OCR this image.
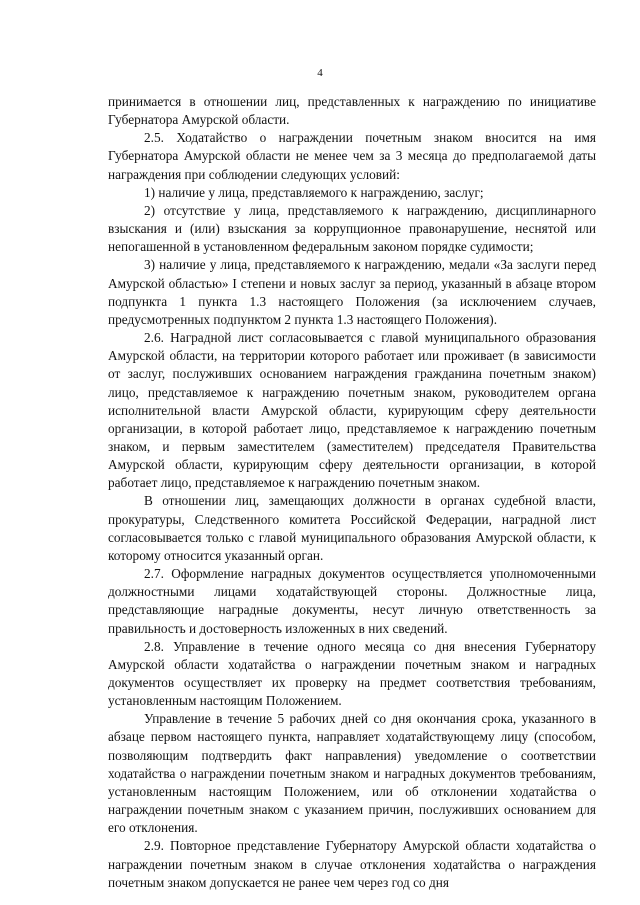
4

принимается в отношении лиц, представленных к награждению по инициативе Губернатора Амурской области.

2.5. Ходатайство о награждении почетным знаком вносится на имя Губернатора Амурской области не менее чем за 3 месяца до предполагаемой даты награждения при соблюдении следующих условий:

1) наличие у лица, представляемого к награждению, заслуг;

2) отсутствие у лица, представляемого к награждению, дисциплинарного взыскания и (или) взыскания за коррупционное правонарушение, неснятой или непогашенной в установленном федеральным законом порядке судимости;

3) наличие у лица, представляемого к награждению, медали «За заслуги перед Амурской областью» I степени и новых заслуг за период, указанный в абзаце втором подпункта 1 пункта 1.3 настоящего Положения (за исключением случаев, предусмотренных подпунктом 2 пункта 1.3 настоящего Положения).

2.6. Наградной лист согласовывается с главой муниципального образования Амурской области, на территории которого работает или проживает (в зависимости от заслуг, послуживших основанием награждения гражданина почетным знаком) лицо, представляемое к награждению почетным знаком, руководителем органа исполнительной власти Амурской области, курирующим сферу деятельности организации, в которой работает лицо, представляемое к награждению почетным знаком, и первым заместителем (заместителем) председателя Правительства Амурской области, курирующим сферу деятельности организации, в которой работает лицо, представляемое к награждению почетным знаком.

В отношении лиц, замещающих должности в органах судебной власти, прокуратуры, Следственного комитета Российской Федерации, наградной лист согласовывается только с главой муниципального образования Амурской области, к которому относится указанный орган.

2.7. Оформление наградных документов осуществляется уполномоченными должностными лицами ходатайствующей стороны. Должностные лица, представляющие наградные документы, несут личную ответственность за правильность и достоверность изложенных в них сведений.

2.8. Управление в течение одного месяца со дня внесения Губернатору Амурской области ходатайства о награждении почетным знаком и наградных документов осуществляет их проверку на предмет соответствия требованиям, установленным настоящим Положением.

Управление в течение 5 рабочих дней со дня окончания срока, указанного в абзаце первом настоящего пункта, направляет ходатайствующему лицу (способом, позволяющим подтвердить факт направления) уведомление о соответствии ходатайства о награждении почетным знаком и наградных документов требованиям, установленным настоящим Положением, или об отклонении ходатайства о награждении почетным знаком с указанием причин, послуживших основанием для его отклонения.

2.9. Повторное представление Губернатору Амурской области ходатайства о награждении почетным знаком в случае отклонения ходатайства о награждения почетным знаком допускается не ранее чем через год со дня
